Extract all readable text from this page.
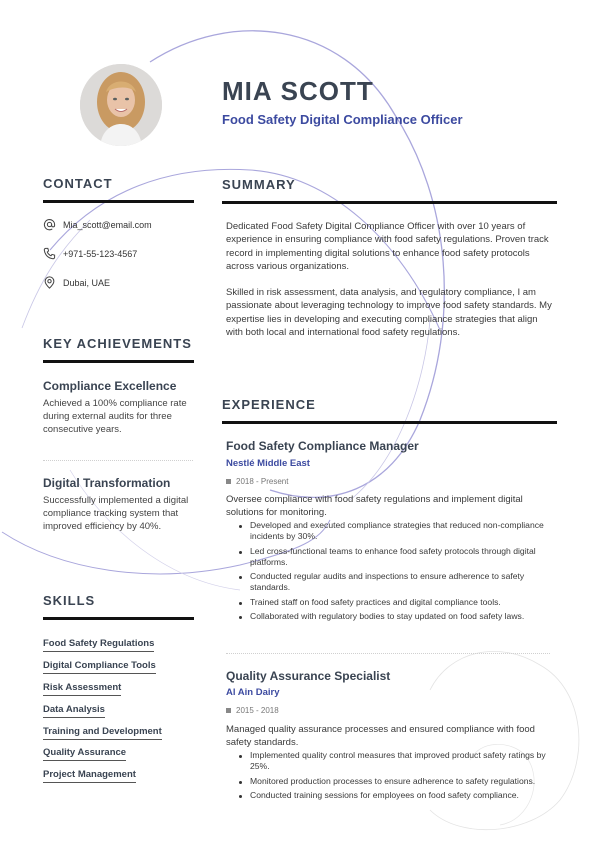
MIA SCOTT
Food Safety Digital Compliance Officer
CONTACT
Mia_scott@email.com
+971-55-123-4567
Dubai, UAE
KEY ACHIEVEMENTS
Compliance Excellence

Achieved a 100% compliance rate during external audits for three consecutive years.

Digital Transformation

Successfully implemented a digital compliance tracking system that improved efficiency by 40%.

SKILLS
Food Safety Regulations
Digital Compliance Tools
Risk Assessment
Data Analysis
Training and Development
Quality Assurance
Project Management
SUMMARY

Dedicated Food Safety Digital Compliance Officer with over 10 years of experience in ensuring compliance with food safety regulations. Proven track record in implementing digital solutions to enhance food safety protocols across various organizations.

Skilled in risk assessment, data analysis, and regulatory compliance, I am passionate about leveraging technology to improve food safety standards. My expertise lies in developing and executing compliance strategies that align with both local and international food safety regulations.

EXPERIENCE
Food Safety Compliance Manager
Nestlé Middle East
2018 - Present

Oversee compliance with food safety regulations and implement digital solutions for monitoring.

Developed and executed compliance strategies that reduced non-compliance incidents by 30%.
Led cross-functional teams to enhance food safety protocols through digital platforms.
Conducted regular audits and inspections to ensure adherence to safety standards.
Trained staff on food safety practices and digital compliance tools.
Collaborated with regulatory bodies to stay updated on food safety laws.
Quality Assurance Specialist
Al Ain Dairy
2015 - 2018

Managed quality assurance processes and ensured compliance with food safety standards.

Implemented quality control measures that improved product safety ratings by 25%.
Monitored production processes to ensure adherence to safety regulations.
Conducted training sessions for employees on food safety compliance.
